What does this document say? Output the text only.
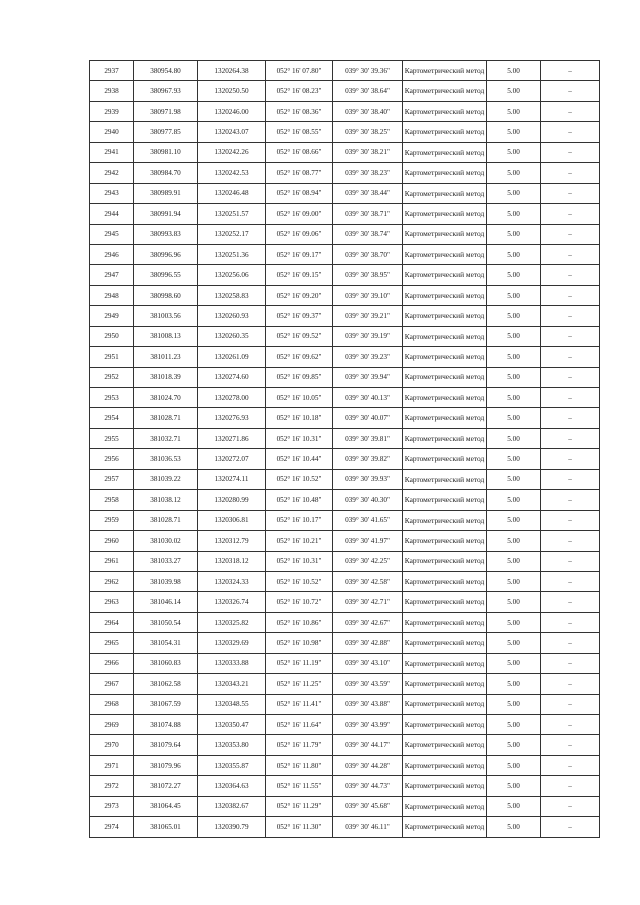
2937	380954.80	1320264.38	052° 16' 07.80"	039° 30' 39.36"	Картометрический метод	5.00	–
2938	380967.93	1320250.50	052° 16' 08.23"	039° 30' 38.64"	Картометрический метод	5.00	–
2939	380971.98	1320246.00	052° 16' 08.36"	039° 30' 38.40"	Картометрический метод	5.00	–
2940	380977.85	1320243.07	052° 16' 08.55"	039° 30' 38.25"	Картометрический метод	5.00	–
2941	380981.10	1320242.26	052° 16' 08.66"	039° 30' 38.21"	Картометрический метод	5.00	–
2942	380984.70	1320242.53	052° 16' 08.77"	039° 30' 38.23"	Картометрический метод	5.00	–
2943	380989.91	1320246.48	052° 16' 08.94"	039° 30' 38.44"	Картометрический метод	5.00	–
2944	380991.94	1320251.57	052° 16' 09.00"	039° 30' 38.71"	Картометрический метод	5.00	–
2945	380993.83	1320252.17	052° 16' 09.06"	039° 30' 38.74"	Картометрический метод	5.00	–
2946	380996.96	1320251.36	052° 16' 09.17"	039° 30' 38.70"	Картометрический метод	5.00	–
2947	380996.55	1320256.06	052° 16' 09.15"	039° 30' 38.95"	Картометрический метод	5.00	–
2948	380998.60	1320258.83	052° 16' 09.20"	039° 30' 39.10"	Картометрический метод	5.00	–
2949	381003.56	1320260.93	052° 16' 09.37"	039° 30' 39.21"	Картометрический метод	5.00	–
2950	381008.13	1320260.35	052° 16' 09.52"	039° 30' 39.19"	Картометрический метод	5.00	–
2951	381011.23	1320261.09	052° 16' 09.62"	039° 30' 39.23"	Картометрический метод	5.00	–
2952	381018.39	1320274.60	052° 16' 09.85"	039° 30' 39.94"	Картометрический метод	5.00	–
2953	381024.70	1320278.00	052° 16' 10.05"	039° 30' 40.13"	Картометрический метод	5.00	–
2954	381028.71	1320276.93	052° 16' 10.18"	039° 30' 40.07"	Картометрический метод	5.00	–
2955	381032.71	1320271.86	052° 16' 10.31"	039° 30' 39.81"	Картометрический метод	5.00	–
2956	381036.53	1320272.07	052° 16' 10.44"	039° 30' 39.82"	Картометрический метод	5.00	–
2957	381039.22	1320274.11	052° 16' 10.52"	039° 30' 39.93"	Картометрический метод	5.00	–
2958	381038.12	1320280.99	052° 16' 10.48"	039° 30' 40.30"	Картометрический метод	5.00	–
2959	381028.71	1320306.81	052° 16' 10.17"	039° 30' 41.65"	Картометрический метод	5.00	–
2960	381030.02	1320312.79	052° 16' 10.21"	039° 30' 41.97"	Картометрический метод	5.00	–
2961	381033.27	1320318.12	052° 16' 10.31"	039° 30' 42.25"	Картометрический метод	5.00	–
2962	381039.98	1320324.33	052° 16' 10.52"	039° 30' 42.58"	Картометрический метод	5.00	–
2963	381046.14	1320326.74	052° 16' 10.72"	039° 30' 42.71"	Картометрический метод	5.00	–
2964	381050.54	1320325.82	052° 16' 10.86"	039° 30' 42.67"	Картометрический метод	5.00	–
2965	381054.31	1320329.69	052° 16' 10.98"	039° 30' 42.88"	Картометрический метод	5.00	–
2966	381060.83	1320333.88	052° 16' 11.19"	039° 30' 43.10"	Картометрический метод	5.00	–
2967	381062.58	1320343.21	052° 16' 11.25"	039° 30' 43.59"	Картометрический метод	5.00	–
2968	381067.59	1320348.55	052° 16' 11.41"	039° 30' 43.88"	Картометрический метод	5.00	–
2969	381074.88	1320350.47	052° 16' 11.64"	039° 30' 43.99"	Картометрический метод	5.00	–
2970	381079.64	1320353.80	052° 16' 11.79"	039° 30' 44.17"	Картометрический метод	5.00	–
2971	381079.96	1320355.87	052° 16' 11.80"	039° 30' 44.28"	Картометрический метод	5.00	–
2972	381072.27	1320364.63	052° 16' 11.55"	039° 30' 44.73"	Картометрический метод	5.00	–
2973	381064.45	1320382.67	052° 16' 11.29"	039° 30' 45.68"	Картометрический метод	5.00	–
2974	381065.01	1320390.79	052° 16' 11.30"	039° 30' 46.11"	Картометрический метод	5.00	–
